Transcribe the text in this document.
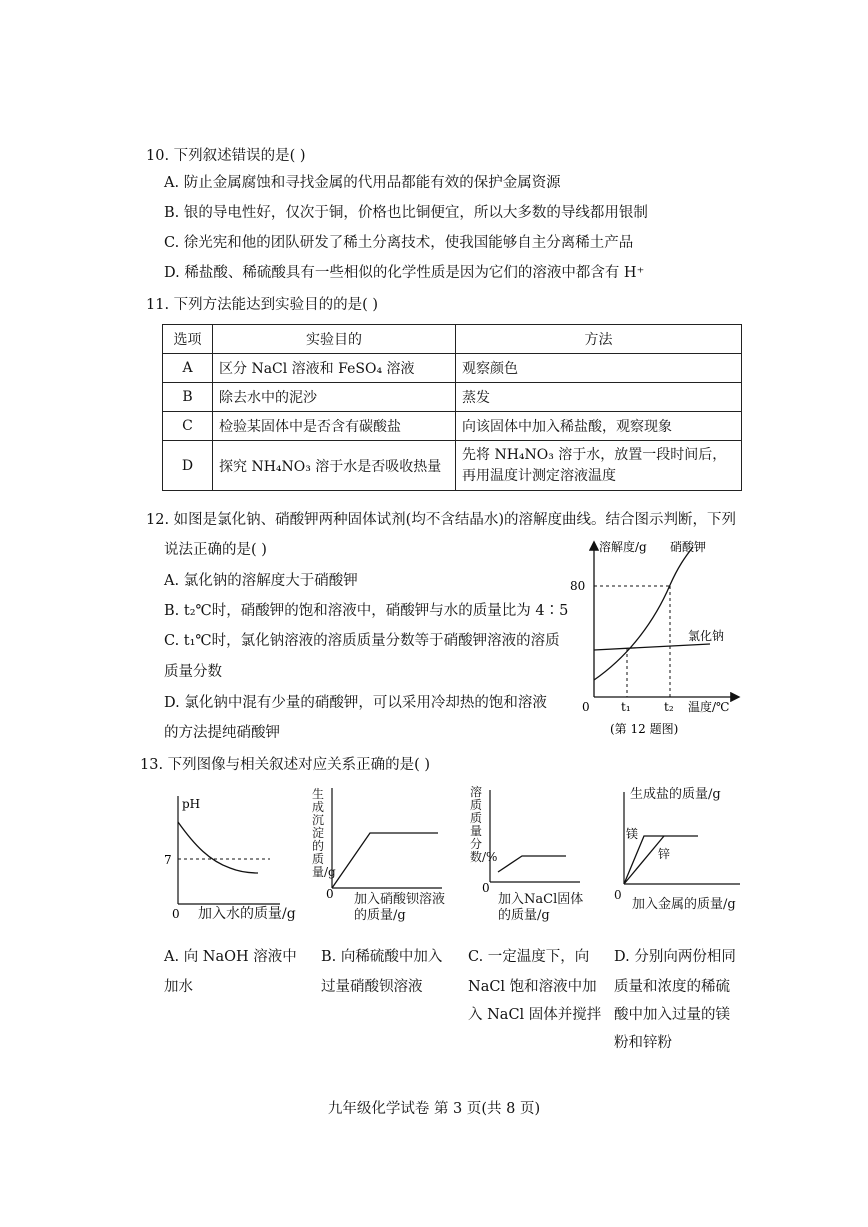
10. 下列叙述错误的是( )
A. 防止金属腐蚀和寻找金属的代用品都能有效的保护金属资源
B. 银的导电性好，仅次于铜，价格也比铜便宜，所以大多数的导线都用银制
C. 徐光宪和他的团队研发了稀土分离技术，使我国能够自主分离稀土产品
D. 稀盐酸、稀硫酸具有一些相似的化学性质是因为它们的溶液中都含有 H⁺
11. 下列方法能达到实验目的的是( )
选项	实验目的	方法
A	区分 NaCl 溶液和 FeSO₄ 溶液	观察颜色
B	除去水中的泥沙	蒸发
C	检验某固体中是否含有碳酸盐	向该固体中加入稀盐酸，观察现象
D	探究 NH₄NO₃ 溶于水是否吸收热量	先将 NH₄NO₃ 溶于水，放置一段时间后，
再用温度计测定溶液温度
12. 如图是氯化钠、硝酸钾两种固体试剂(均不含结晶水)的溶解度曲线。结合图示判断，下列
说法正确的是( )
A. 氯化钠的溶解度大于硝酸钾
B. t₂℃时，硝酸钾的饱和溶液中，硝酸钾与水的质量比为 4∶5
C. t₁℃时，氯化钠溶液的溶质质量分数等于硝酸钾溶液的溶质
质量分数
D. 氯化钠中混有少量的硝酸钾，可以采用冷却热的饱和溶液
的方法提纯硝酸钾
溶解度/g 硝酸钾
80
氯化钠
0	t₁	t₂ 温度/℃
(第 12 题图)
13. 下列图像与相关叙述对应关系正确的是( )
pH
7
0 加入水的质量/g
0
生成沉淀的质量/g
加入硝酸钡溶液
的质量/g
0
溶质质量分数/%
加入NaCl固体
的质量/g
镁
锌
生成盐的质量/g
加入金属的质量/g
0
A. 向 NaOH 溶液中
加水
B. 向稀硫酸中加入
过量硝酸钡溶液
C. 一定温度下，向
NaCl 饱和溶液中加
入 NaCl 固体并搅拌
D. 分别向两份相同
质量和浓度的稀硫
酸中加入过量的镁
粉和锌粉
九年级化学试卷 第 3 页(共 8 页)
